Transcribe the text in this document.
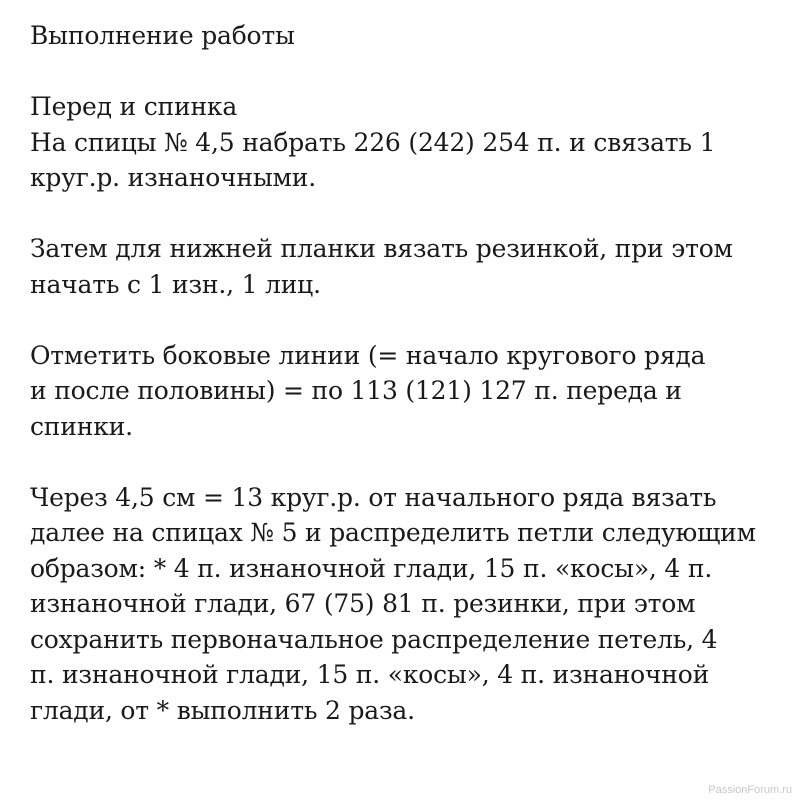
Выполнение работы
Перед и спинка
На спицы № 4,5 набрать 226 (242) 254 п. и связать 1
круг.р. изнаночными.
Затем для нижней планки вязать резинкой, при этом
начать с 1 изн., 1 лиц.
Отметить боковые линии (= начало кругового ряда
и после половины) = по 113 (121) 127 п. переда и
спинки.
Через 4,5 см = 13 круг.р. от начального ряда вязать
далее на спицах № 5 и распределить петли следующим
образом: * 4 п. изнаночной глади, 15 п. «косы», 4 п.
изнаночной глади, 67 (75) 81 п. резинки, при этом
сохранить первоначальное распределение петель, 4
п. изнаночной глади, 15 п. «косы», 4 п. изнаночной
глади, от * выполнить 2 раза.
PassionForum.ru
